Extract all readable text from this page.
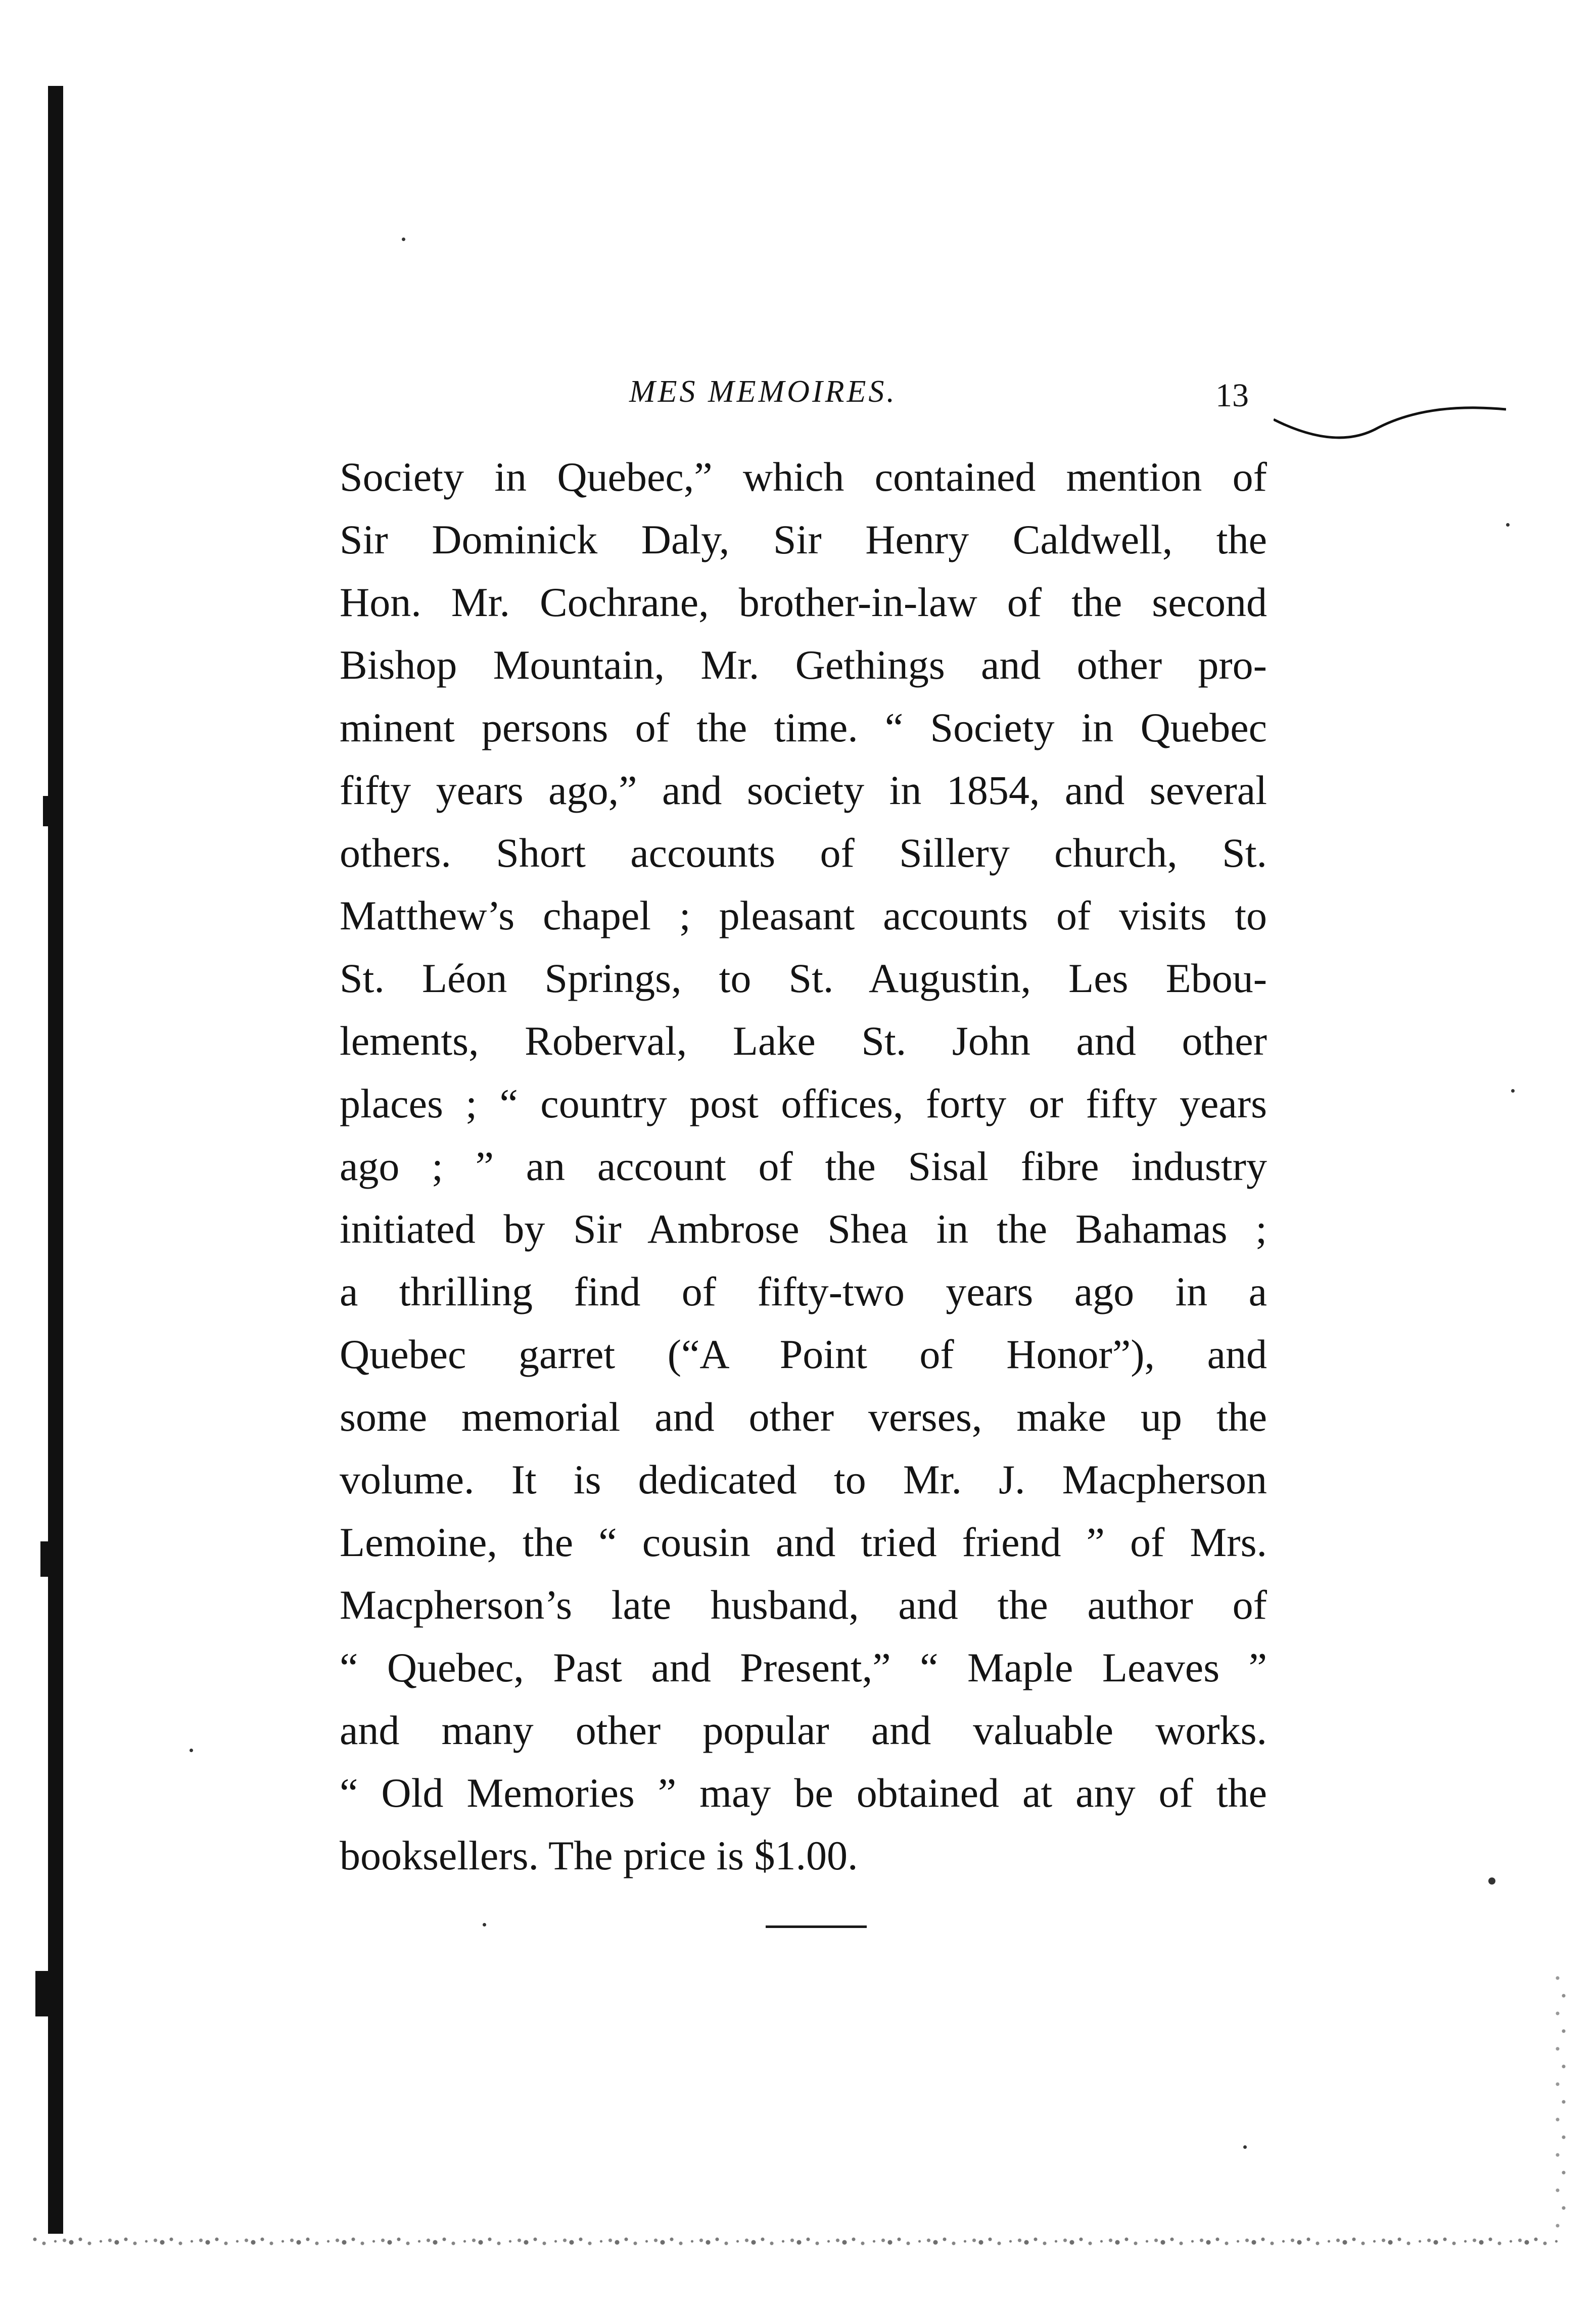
MES MEMOIRES.	13
Society in Quebec,” which contained mention of
Sir Dominick Daly, Sir Henry Caldwell, the
Hon. Mr. Cochrane, brother-in-law of the second
Bishop Mountain, Mr. Gethings and other pro-
minent persons of the time. “ Society in Quebec
fifty years ago,” and society in 1854, and several
others. Short accounts of Sillery church, St.
Matthew’s chapel ; pleasant accounts of visits to
St. Léon Springs, to St. Augustin, Les Ebou-
lements, Roberval, Lake St. John and other
places ; “ country post offices, forty or fifty years
ago ; ” an account of the Sisal fibre industry
initiated by Sir Ambrose Shea in the Bahamas ;
a thrilling find of fifty-two years ago in a
Quebec garret (“A Point of Honor”), and
some memorial and other verses, make up the
volume. It is dedicated to Mr. J. Macpherson
Lemoine, the “ cousin and tried friend ” of Mrs.
Macpherson’s late husband, and the author of
“ Quebec, Past and Present,” “ Maple Leaves ”
and many other popular and valuable works.
“ Old Memories ” may be obtained at any of the
booksellers. The price is $1.00.
